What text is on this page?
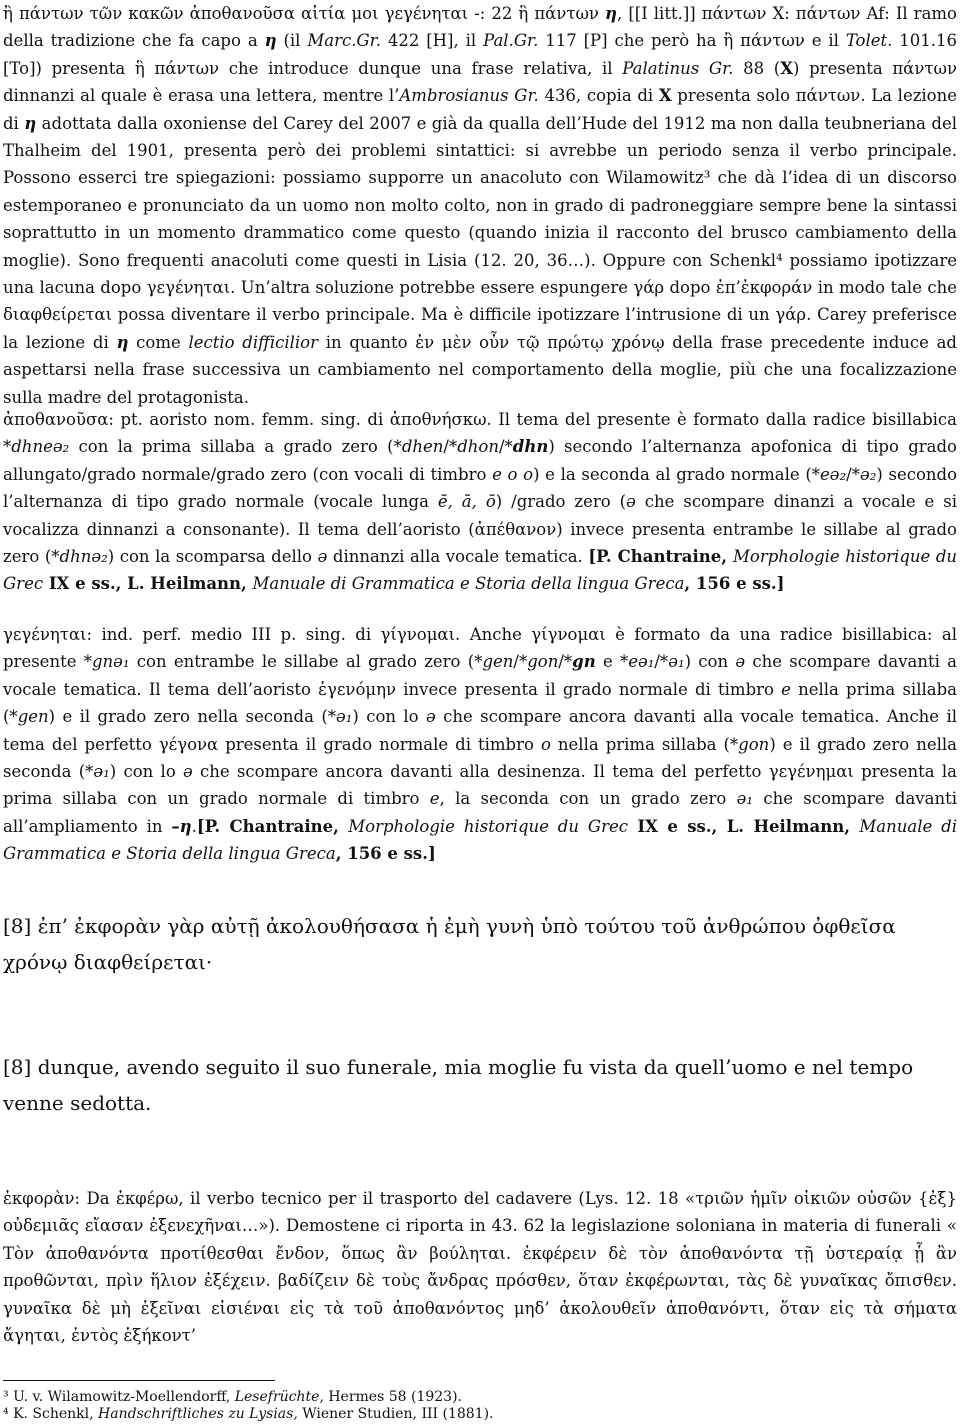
ἢ πάντων τῶν κακῶν ἀποθανοῦσα αἰτία μοι γεγένηται -: 22 ἣ πάντων η, [[I litt.]] πάντων X: πάντων Af: Il ramo della tradizione che fa capo a η (il Marc.Gr. 422 [H], il Pal.Gr. 117 [P] che però ha ἣ πάντων e il Tolet. 101.16 [To]) presenta ἣ πάντων che introduce dunque una frase relativa, il Palatinus Gr. 88 (X) presenta πάντων dinnanzi al quale è erasa una lettera, mentre l’Ambrosianus Gr. 436, copia di X presenta solo πάντων. La lezione di η adottata dalla oxoniense del Carey del 2007 e già da qualla dell’Hude del 1912 ma non dalla teubneriana del Thalheim del 1901, presenta però dei problemi sintattici: si avrebbe un periodo senza il verbo principale. Possono esserci tre spiegazioni: possiamo supporre un anacoluto con Wilamowitz³ che dà l’idea di un discorso estemporaneo e pronunciato da un uomo non molto colto, non in grado di padroneggiare sempre bene la sintassi soprattutto in un momento drammatico come questo (quando inizia il racconto del brusco cambiamento della moglie). Sono frequenti anacoluti come questi in Lisia (12. 20, 36…). Oppure con Schenkl⁴ possiamo ipotizzare una lacuna dopo γεγένηται. Un’altra soluzione potrebbe essere espungere γάρ dopo ἐπ’ἐκφοράν in modo tale che διαφθείρεται possa diventare il verbo principale. Ma è difficile ipotizzare l’intrusione di un γάρ. Carey preferisce la lezione di η come lectio difficilior in quanto ἐν μὲν οὖν τῷ πρώτῳ χρόνῳ della frase precedente induce ad aspettarsi nella frase successiva un cambiamento nel comportamento della moglie, più che una focalizzazione sulla madre del protagonista.

ἀποθανοῦσα: pt. aoristo nom. femm. sing. di ἀποθνήσκω. Il tema del presente è formato dalla radice bisillabica *dhneə₂ con la prima sillaba a grado zero (*dhen/*dhon/*dhn) secondo l’alternanza apofonica di tipo grado allungato/grado normale/grado zero (con vocali di timbro e o o) e la seconda al grado normale (*eə₂/*ə₂) secondo l’alternanza di tipo grado normale (vocale lunga ē, ā, ō) /grado zero (ə che scompare dinanzi a vocale e si vocalizza dinnanzi a consonante). Il tema dell’aoristo (ἀπέθανον) invece presenta entrambe le sillabe al grado zero (*dhnə₂) con la scomparsa dello ə dinnanzi alla vocale tematica. [P. Chantraine, Morphologie historique du Grec IX e ss., L. Heilmann, Manuale di Grammatica e Storia della lingua Greca, 156 e ss.]

γεγένηται: ind. perf. medio III p. sing. di γίγνομαι. Anche γίγνομαι è formato da una radice bisillabica: al presente *gnə₁ con entrambe le sillabe al grado zero (*gen/*gon/*gn e *eə₁/*ə₁) con ə che scompare davanti a vocale tematica. Il tema dell’aoristo ἐγενόμην invece presenta il grado normale di timbro e nella prima sillaba (*gen) e il grado zero nella seconda (*ə₁) con lo ə che scompare ancora davanti alla vocale tematica. Anche il tema del perfetto γέγονα presenta il grado normale di timbro o nella prima sillaba (*gon) e il grado zero nella seconda (*ə₁) con lo ə che scompare ancora davanti alla desinenza. Il tema del perfetto γεγένημαι presenta la prima sillaba con un grado normale di timbro e, la seconda con un grado zero ə₁ che scompare davanti all’ampliamento in –η.[P. Chantraine, Morphologie historique du Grec IX e ss., L. Heilmann, Manuale di Grammatica e Storia della lingua Greca, 156 e ss.]

[8] ἐπ’ ἐκφορὰν γὰρ αὐτῇ ἀκολουθήσασα ἡ ἐμὴ γυνὴ ὑπὸ τούτου τοῦ ἀνθρώπου ὀφθεῖσα χρόνῳ διαφθείρεται·

[8] dunque, avendo seguito il suo funerale, mia moglie fu vista da quell’uomo e nel tempo venne sedotta.

ἐκφορὰν: Da ἐκφέρω, il verbo tecnico per il trasporto del cadavere (Lys. 12. 18 «τριῶν ἡμῖν οἰκιῶν οὐσῶν {ἐξ} οὐδεμιᾶς εἴασαν ἐξενεχῆναι…»). Demostene ci riporta in 43. 62 la legislazione soloniana in materia di funerali « Τὸν ἀποθανόντα προτίθεσθαι ἔνδον, ὅπως ἂν βούληται. ἐκφέρειν δὲ τὸν ἀποθανόντα τῇ ὑστεραίᾳ ᾗ ἂν προθῶνται, πρὶν ἥλιον ἐξέχειν. βαδίζειν δὲ τοὺς ἄνδρας πρόσθεν, ὅταν ἐκφέρωνται, τὰς δὲ γυναῖκας ὄπισθεν. γυναῖκα δὲ μὴ ἐξεῖναι εἰσιέναι εἰς τὰ τοῦ ἀποθανόντος μηδ’ ἀκολουθεῖν ἀποθανόντι, ὅταν εἰς τὰ σήματα ἄγηται, ἐντὸς ἑξήκοντ’

³ U. v. Wilamowitz-Moellendorff, Lesefrüchte, Hermes 58 (1923).
⁴ K. Schenkl, Handschriftliches zu Lysias, Wiener Studien, III (1881).
